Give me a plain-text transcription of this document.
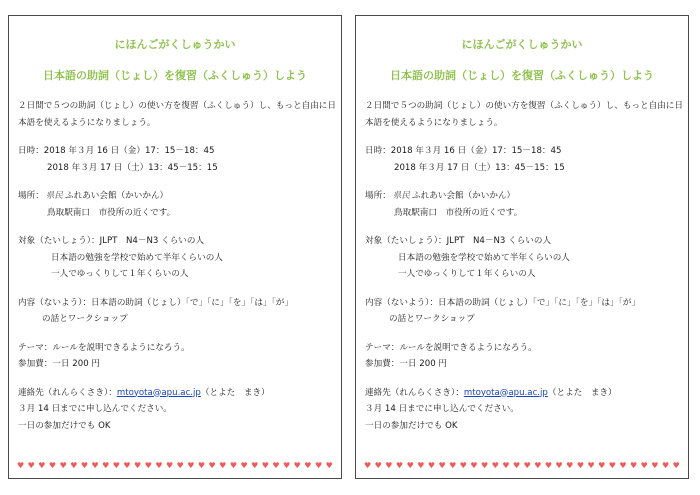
にほんごがくしゅうかい
日本語の助詞（じょし）を復習（ふくしゅう）しよう
２日間で５つの助詞（じょし）の使い方を復習（ふくしゅう）し、もっと自由に日
本語を使えるようになりましょう。
日時：2018 年３月 16 日（金）17：15－18：45
2018 年３月 17 日（土）13：45－15：15
場所： 県民 ふれあい会館（かいかん）
鳥取駅南口　市役所の近くです。
対象（たいしょう）：JLPT　N4－N3 くらいの人
日本語の勉強を学校で始めて半年くらいの人
一人でゆっくりして１年くらいの人
内容（ないよう）：日本語の助詞（じょし）「で」「に」「を」「は」「が」
の話とワークショップ
テーマ：ルールを説明できるようになろう。
参加費：一日 200 円
連絡先（れんらくさき）：mtoyota@apu.ac.jp（とよた　まき）
３月 14 日までに申し込んでください。
一日の参加だけでも OK
♥ ♥ ♥ ♥ ♥ ♥ ♥ ♥ ♥ ♥ ♥ ♥ ♥ ♥ ♥ ♥ ♥ ♥ ♥ ♥ ♥ ♥ ♥ ♥ ♥ ♥ ♥ ♥ ♥ ♥
にほんごがくしゅうかい
日本語の助詞（じょし）を復習（ふくしゅう）しよう
２日間で５つの助詞（じょし）の使い方を復習（ふくしゅう）し、もっと自由に日
本語を使えるようになりましょう。
日時：2018 年３月 16 日（金）17：15－18：45
2018 年３月 17 日（土）13：45－15：15
場所： 県民 ふれあい会館（かいかん）
鳥取駅南口　市役所の近くです。
対象（たいしょう）：JLPT　N4－N3 くらいの人
日本語の勉強を学校で始めて半年くらいの人
一人でゆっくりして１年くらいの人
内容（ないよう）：日本語の助詞（じょし）「で」「に」「を」「は」「が」
の話とワークショップ
テーマ：ルールを説明できるようになろう。
参加費：一日 200 円
連絡先（れんらくさき）：mtoyota@apu.ac.jp（とよた　まき）
３月 14 日までに申し込んでください。
一日の参加だけでも OK
♥ ♥ ♥ ♥ ♥ ♥ ♥ ♥ ♥ ♥ ♥ ♥ ♥ ♥ ♥ ♥ ♥ ♥ ♥ ♥ ♥ ♥ ♥ ♥ ♥ ♥ ♥ ♥ ♥ ♥
